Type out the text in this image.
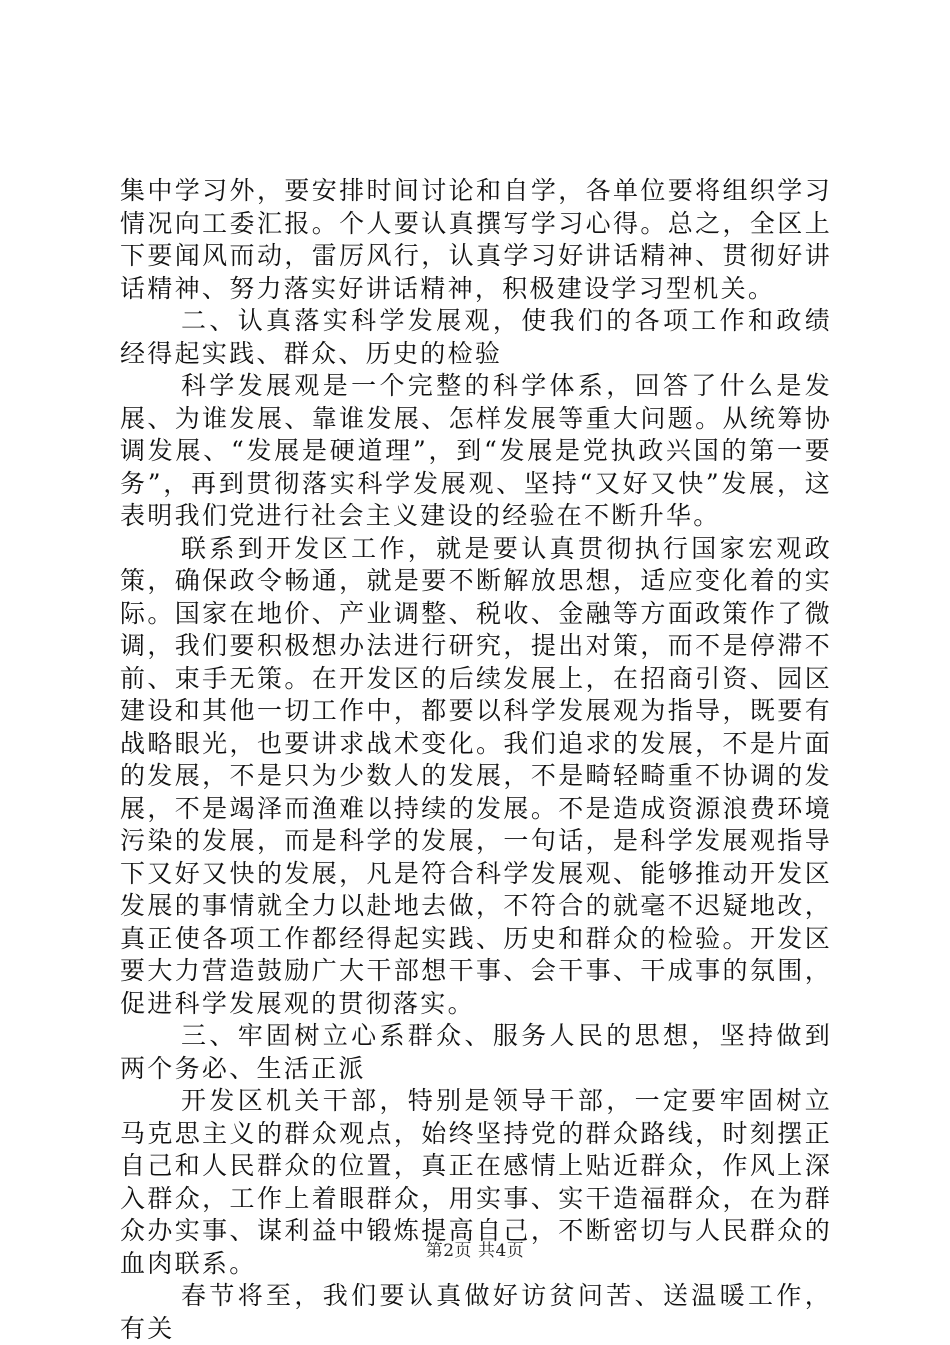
集中学习外，要安排时间讨论和自学，各单位要将组织学习情况向工委汇报。个人要认真撰写学习心得。总之，全区上下要闻风而动，雷厉风行，认真学习好讲话精神、贯彻好讲话精神、努力落实好讲话精神，积极建设学习型机关。

二、认真落实科学发展观，使我们的各项工作和政绩经得起实践、群众、历史的检验

科学发展观是一个完整的科学体系，回答了什么是发展、为谁发展、靠谁发展、怎样发展等重大问题。从统筹协调发展、“发展是硬道理”，到“发展是党执政兴国的第一要务”，再到贯彻落实科学发展观、坚持“又好又快”发展，这表明我们党进行社会主义建设的经验在不断升华。

联系到开发区工作，就是要认真贯彻执行国家宏观政策，确保政令畅通，就是要不断解放思想，适应变化着的实际。国家在地价、产业调整、税收、金融等方面政策作了微调，我们要积极想办法进行研究，提出对策，而不是停滞不前、束手无策。在开发区的后续发展上，在招商引资、园区建设和其他一切工作中，都要以科学发展观为指导，既要有战略眼光，也要讲求战术变化。我们追求的发展，不是片面的发展，不是只为少数人的发展，不是畸轻畸重不协调的发展，不是竭泽而渔难以持续的发展。不是造成资源浪费环境污染的发展，而是科学的发展，一句话，是科学发展观指导下又好又快的发展，凡是符合科学发展观、能够推动开发区发展的事情就全力以赴地去做，不符合的就毫不迟疑地改，真正使各项工作都经得起实践、历史和群众的检验。开发区要大力营造鼓励广大干部想干事、会干事、干成事的氛围，促进科学发展观的贯彻落实。

三、牢固树立心系群众、服务人民的思想，坚持做到两个务必、生活正派

开发区机关干部，特别是领导干部，一定要牢固树立马克思主义的群众观点，始终坚持党的群众路线，时刻摆正自己和人民群众的位置，真正在感情上贴近群众，作风上深入群众，工作上着眼群众，用实事、实干造福群众，在为群众办实事、谋利益中锻炼提高自己，不断密切与人民群众的血肉联系。

春节将至，我们要认真做好访贫问苦、送温暖工作，有关

第2页 共4页
